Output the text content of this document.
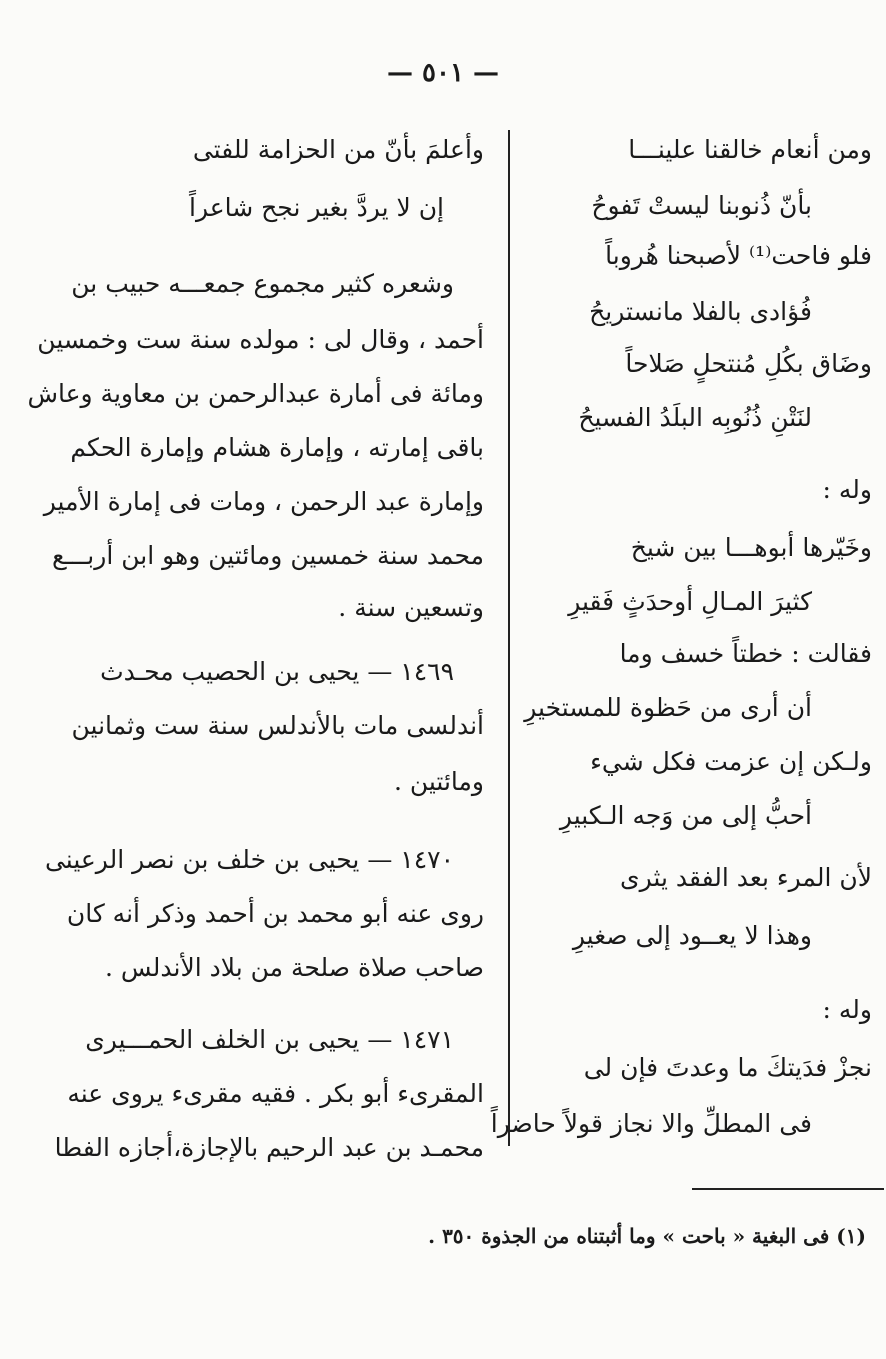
— ٥٠١ —
ومن أنعام خالقنا علينـــا
بأنّ ذُنوبنا ليستْ تَفوحُ
فلو فاحت⁽¹⁾ لأصبحنا هُروباً
فُؤادى بالفلا مانستريحُ
وضَاق بكُلِ مُنتحلٍ صَلاحاً
لنَتْنِ ذُنُوبِه البلَدُ الفسيحُ
وله :
وخَيّرها أبوهـــا بين شيخ
كثيرَ المـالِ أوحدَثٍ فَقيرِ
فقالت : خطتاً خسف وما
أن أرى من حَظوة للمستخيرِ
ولـكن إن عزمت فكل شيء
أحبُّ إلى من وَجه الـكبيرِ
لأن المرء بعد الفقد يثرى
وهذا لا يعــود إلى صغيرِ
وله :
نجزْ فدَيتكَ ما وعدتَ فإن لى
فى المطلِّ والا نجاز قولاً حاضراً
وأعلمَ بأنّ من الحزامة للفتى
إن لا يردَّ بغير نجح شاعراً
وشعره كثير مجموع جمعـــه حبيب بن
أحمد ، وقال لى : مولده سنة ست وخمسين
ومائة فى أمارة عبدالرحمن بن معاوية وعاش
باقى إمارته ، وإمارة هشام وإمارة الحكم
وإمارة عبد الرحمن ، ومات فى إمارة الأمير
محمد سنة خمسين ومائتين وهو ابن أربـــع
وتسعين سنة .
١٤٦٩ — يحيى بن الحصيب محـدث
أندلسى مات بالأندلس سنة ست وثمانين
ومائتين .
١٤٧٠ — يحيى بن خلف بن نصر الرعينى
روى عنه أبو محمد بن أحمد وذكر أنه كان
صاحب صلاة صلحة من بلاد الأندلس .
١٤٧١ — يحيى بن الخلف الحمـــيرى
المقرىء أبو بكر . فقيه مقرىء يروى عنه
محمـد بن عبد الرحيم بالإجازة،أجازه الفطا
(١) فى البغية « باحت » وما أثبتناه من الجذوة ٣٥٠ .
